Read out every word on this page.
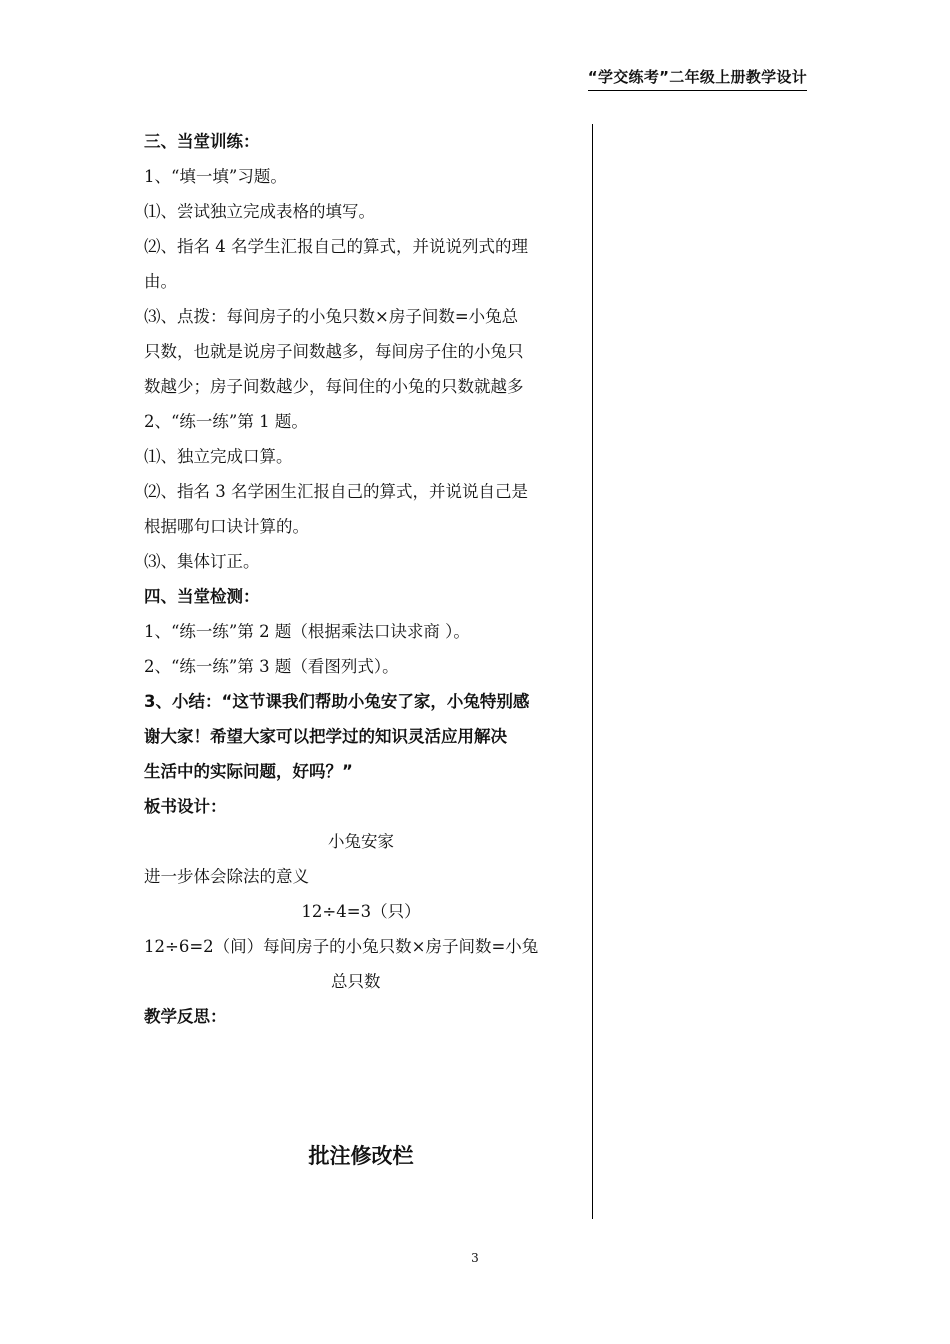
“学交练考”二年级上册教学设计
三、当堂训练：
1、“填一填”习题。
⑴、尝试独立完成表格的填写。
⑵、指名 4 名学生汇报自己的算式，并说说列式的理
由。
⑶、点拨：每间房子的小兔只数×房子间数=小兔总
只数，也就是说房子间数越多，每间房子住的小兔只
数越少；房子间数越少，每间住的小兔的只数就越多
2、“练一练”第 1 题。
⑴、独立完成口算。
⑵、指名 3 名学困生汇报自己的算式，并说说自己是
根据哪句口诀计算的。
⑶、集体订正。
四、当堂检测：
1、“练一练”第 2 题（根据乘法口诀求商 ）。
2、“练一练”第 3 题（看图列式）。
3、小结：“这节课我们帮助小兔安了家，小兔特别感
谢大家！希望大家可以把学过的知识灵活应用解决
生活中的实际问题，好吗？”
板书设计：
小兔安家
进一步体会除法的意义
12÷4=3（只）
12÷6=2（间）每间房子的小兔只数×房子间数=小兔
总只数
教学反思：
批注修改栏
3
